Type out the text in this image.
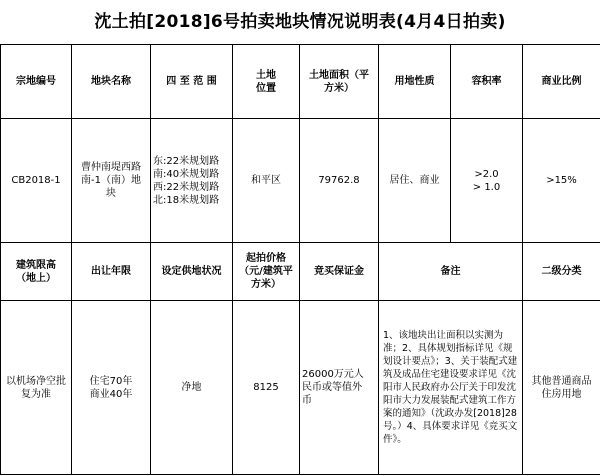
沈土拍[2018]6号拍卖地块情况说明表(4月4日拍卖)
宗地编号	地块名称	四 至 范 围	土地
位置	土地面积（平
方米）	用地性质	容积率	商业比例
CB2018-1	曹仲南堤西路
南-1（南）地
块	东:22米规划路
南:40米规划路
西:22米规划路
北:18米规划路	和平区	79762.8	居住、商业	>2.0
> 1.0	>15%
建筑限高
（地上）	出让年限	设定供地状况	起拍价格
（元/建筑平
方米）	竞买保证金	备注		二级分类
以机场净空批
复为准	住宅70年
商业40年	净地	8125	26000万元人
民币或等值外
币	1、该地块出让面积以实测为准；2、具体规划指标详见《规划设计要点》；3、关于装配式建筑及成品住宅建设要求详见《沈阳市人民政府办公厅关于印发沈阳市大力发展装配式建筑工作方案的通知》（沈政办发[2018]28号。）4、具体要求详见《竞买文件》。		其他普通商品
住房用地
